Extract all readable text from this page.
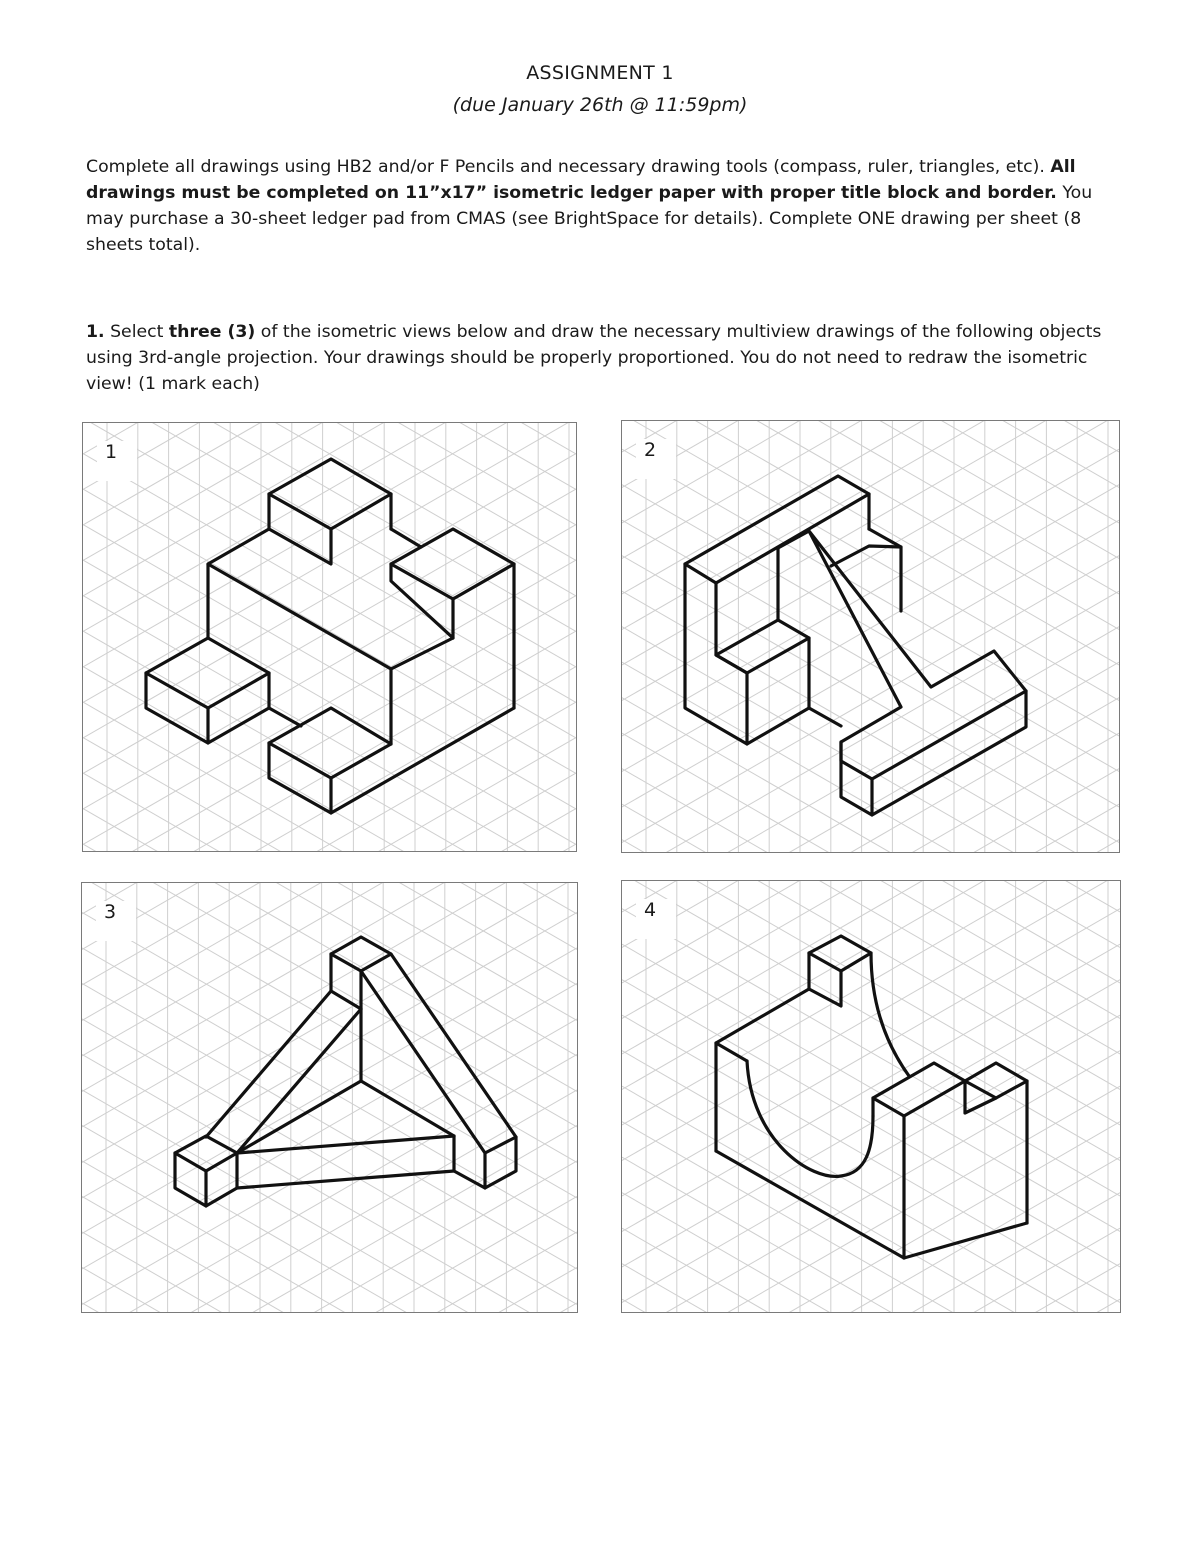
ASSIGNMENT 1
(due January 26th @ 11:59pm)
Complete all drawings using HB2 and/or F Pencils and necessary drawing tools (compass, ruler, triangles, etc). All drawings must be completed on 11”x17” isometric ledger paper with proper title block and border. You may purchase a 30-sheet ledger pad from CMAS (see BrightSpace for details). Complete ONE drawing per sheet (8 sheets total).
1. Select three (3) of the isometric views below and draw the necessary multiview drawings of the following objects using 3rd-angle projection. Your drawings should be properly proportioned. You do not need to redraw the isometric view! (1 mark each)
1	2
3	4
